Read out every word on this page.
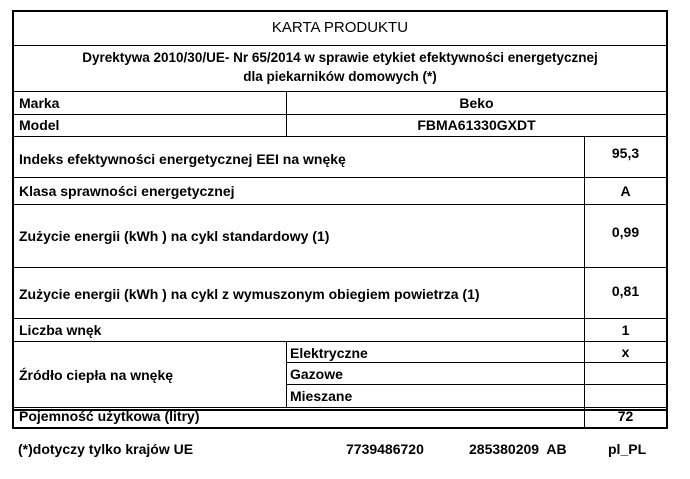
KARTA PRODUKTU
Dyrektywa 2010/30/UE- Nr 65/2014 w sprawie etykiet efektywności energetycznej
dla piekarników domowych (*)
Marka	Beko
Model	FBMA61330GXDT
Indeks efektywności energetycznej EEI na wnękę	95,3
Klasa sprawności energetycznej	A
Zużycie energii (kWh ) na cykl standardowy (1)	0,99
Zużycie energii (kWh ) na cykl z wymuszonym obiegiem powietrza (1)	0,81
Liczba wnęk	1
Źródło ciepła na wnękę
Elektryczne	x
Gazowe
Mieszane
Pojemność użytkowa (litry)	72
(*)dotyczy tylko krajów UE	7739486720	285380209  AB	pl_PL
